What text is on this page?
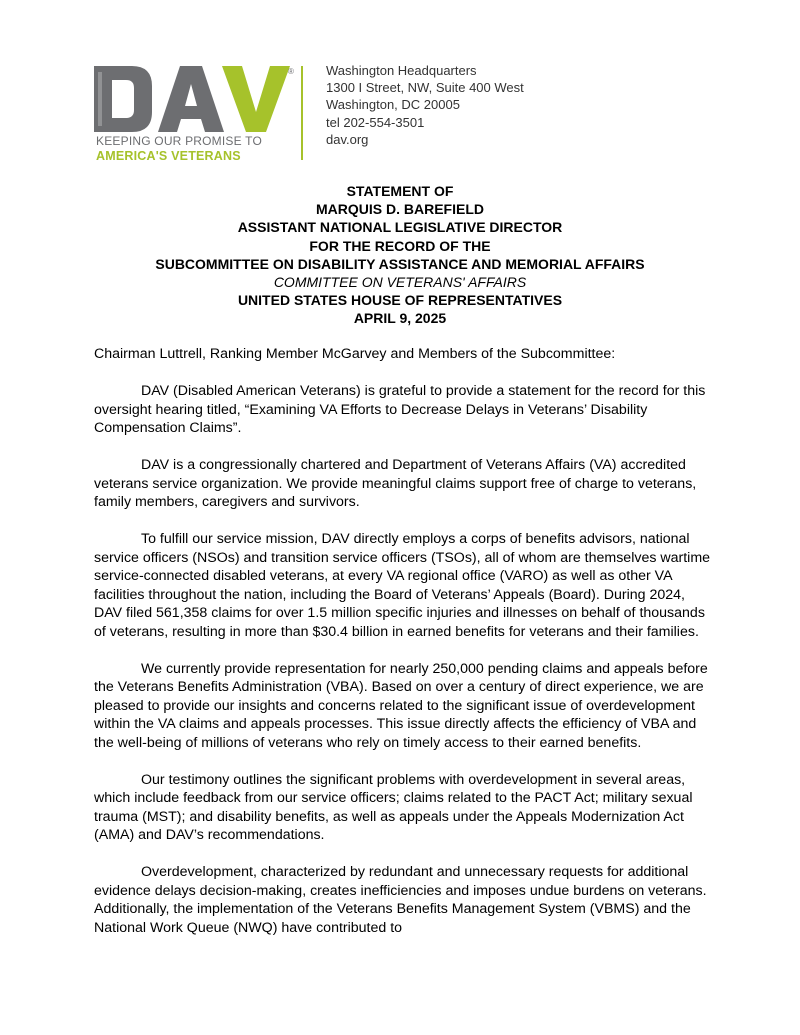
®
KEEPING OUR PROMISE TO
AMERICA'S VETERANS
Washington Headquarters
1300 I Street, NW, Suite 400 West
Washington, DC 20005
tel 202-554-3501
dav.org
STATEMENT OF
MARQUIS D. BAREFIELD
ASSISTANT NATIONAL LEGISLATIVE DIRECTOR
FOR THE RECORD OF THE
SUBCOMMITTEE ON DISABILITY ASSISTANCE AND MEMORIAL AFFAIRS
COMMITTEE ON VETERANS' AFFAIRS
UNITED STATES HOUSE OF REPRESENTATIVES
APRIL 9, 2025

Chairman Luttrell, Ranking Member McGarvey and Members of the Subcommittee:

DAV (Disabled American Veterans) is grateful to provide a statement for the record for this oversight hearing titled, “Examining VA Efforts to Decrease Delays in Veterans’ Disability Compensation Claims”.

DAV is a congressionally chartered and Department of Veterans Affairs (VA) accredited veterans service organization. We provide meaningful claims support free of charge to veterans, family members, caregivers and survivors.

To fulfill our service mission, DAV directly employs a corps of benefits advisors, national service officers (NSOs) and transition service officers (TSOs), all of whom are themselves wartime service-connected disabled veterans, at every VA regional office (VARO) as well as other VA facilities throughout the nation, including the Board of Veterans’ Appeals (Board). During 2024, DAV filed 561,358 claims for over 1.5 million specific injuries and illnesses on behalf of thousands of veterans, resulting in more than $30.4 billion in earned benefits for veterans and their families.

We currently provide representation for nearly 250,000 pending claims and appeals before the Veterans Benefits Administration (VBA). Based on over a century of direct experience, we are pleased to provide our insights and concerns related to the significant issue of overdevelopment within the VA claims and appeals processes. This issue directly affects the efficiency of VBA and the well-being of millions of veterans who rely on timely access to their earned benefits.

Our testimony outlines the significant problems with overdevelopment in several areas, which include feedback from our service officers; claims related to the PACT Act; military sexual trauma (MST); and disability benefits, as well as appeals under the Appeals Modernization Act (AMA) and DAV’s recommendations.

Overdevelopment, characterized by redundant and unnecessary requests for additional evidence delays decision-making, creates inefficiencies and imposes undue burdens on veterans. Additionally, the implementation of the Veterans Benefits Management System (VBMS) and the National Work Queue (NWQ) have contributed to
